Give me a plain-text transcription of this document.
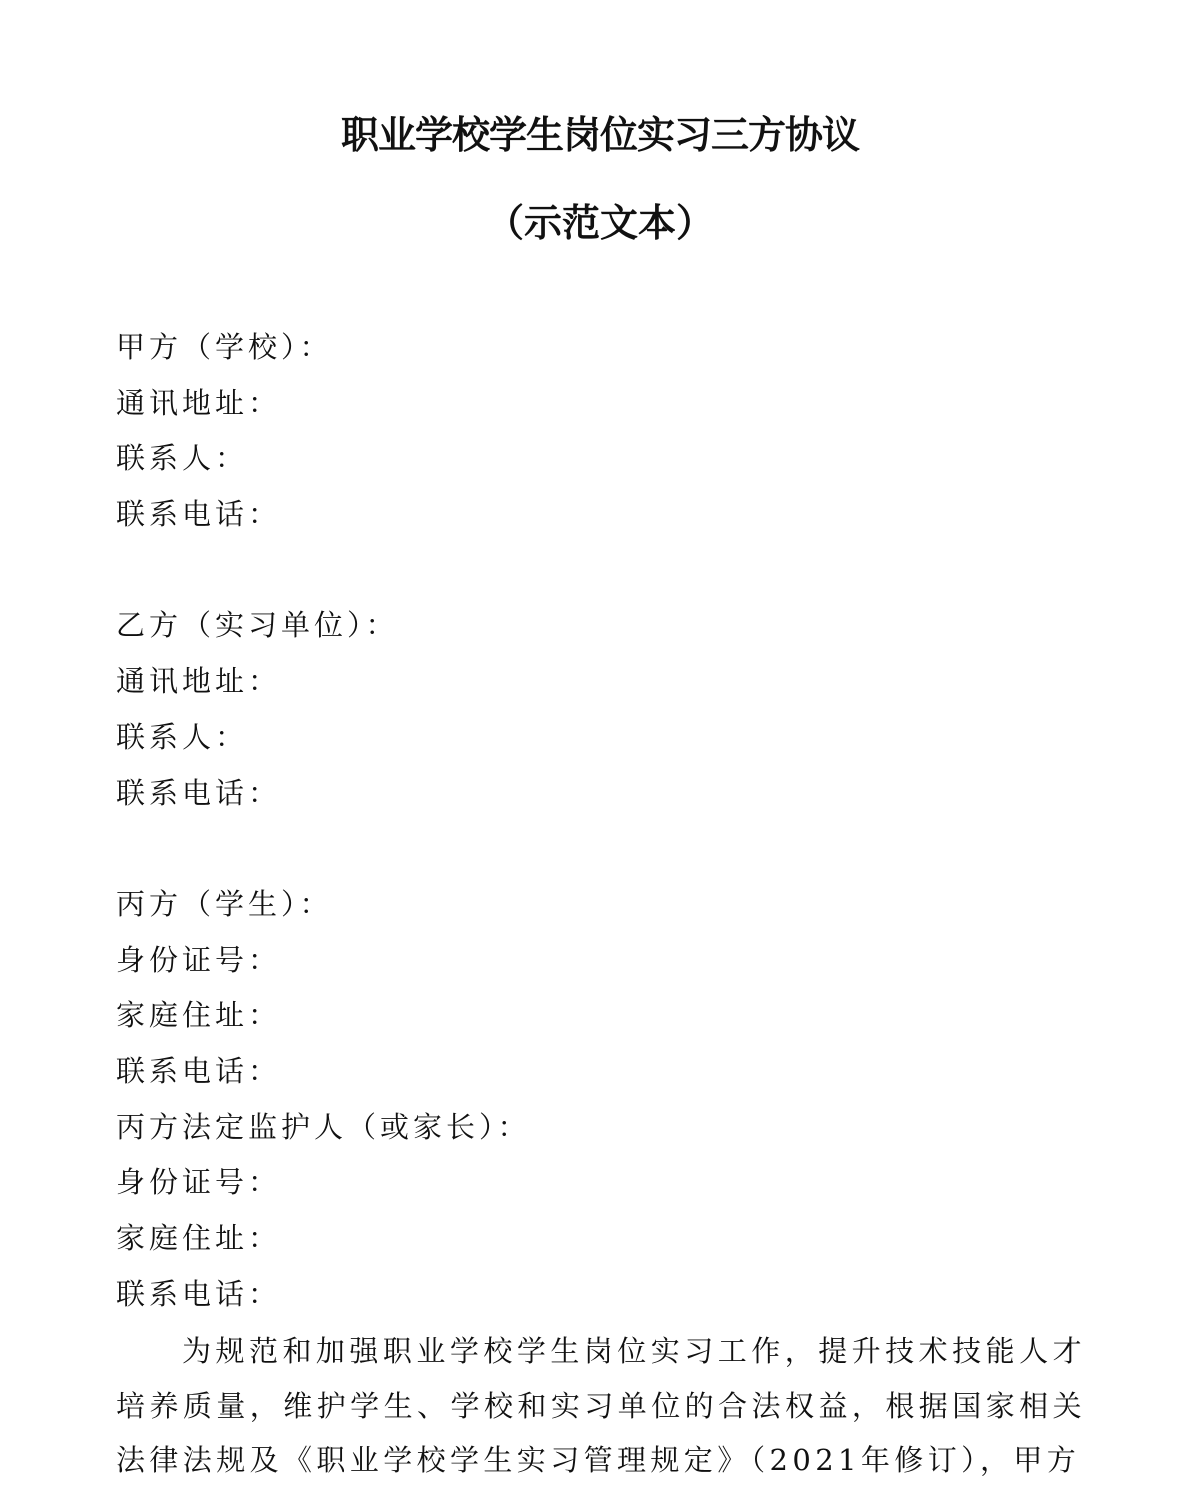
职业学校学生岗位实习三方协议
（示范文本）
甲方（学校）：
通讯地址：
联系人：
联系电话：
乙方（实习单位）：
通讯地址：
联系人：
联系电话：
丙方（学生）：
身份证号：
家庭住址：
联系电话：
丙方法定监护人（或家长）：
身份证号：
家庭住址：
联系电话：

为规范和加强职业学校学生岗位实习工作，提升技术技能人才培养质量，维护学生、学校和实习单位的合法权益，根据国家相关法律法规及《职业学校学生实习管理规定》（2021年修订），甲方
